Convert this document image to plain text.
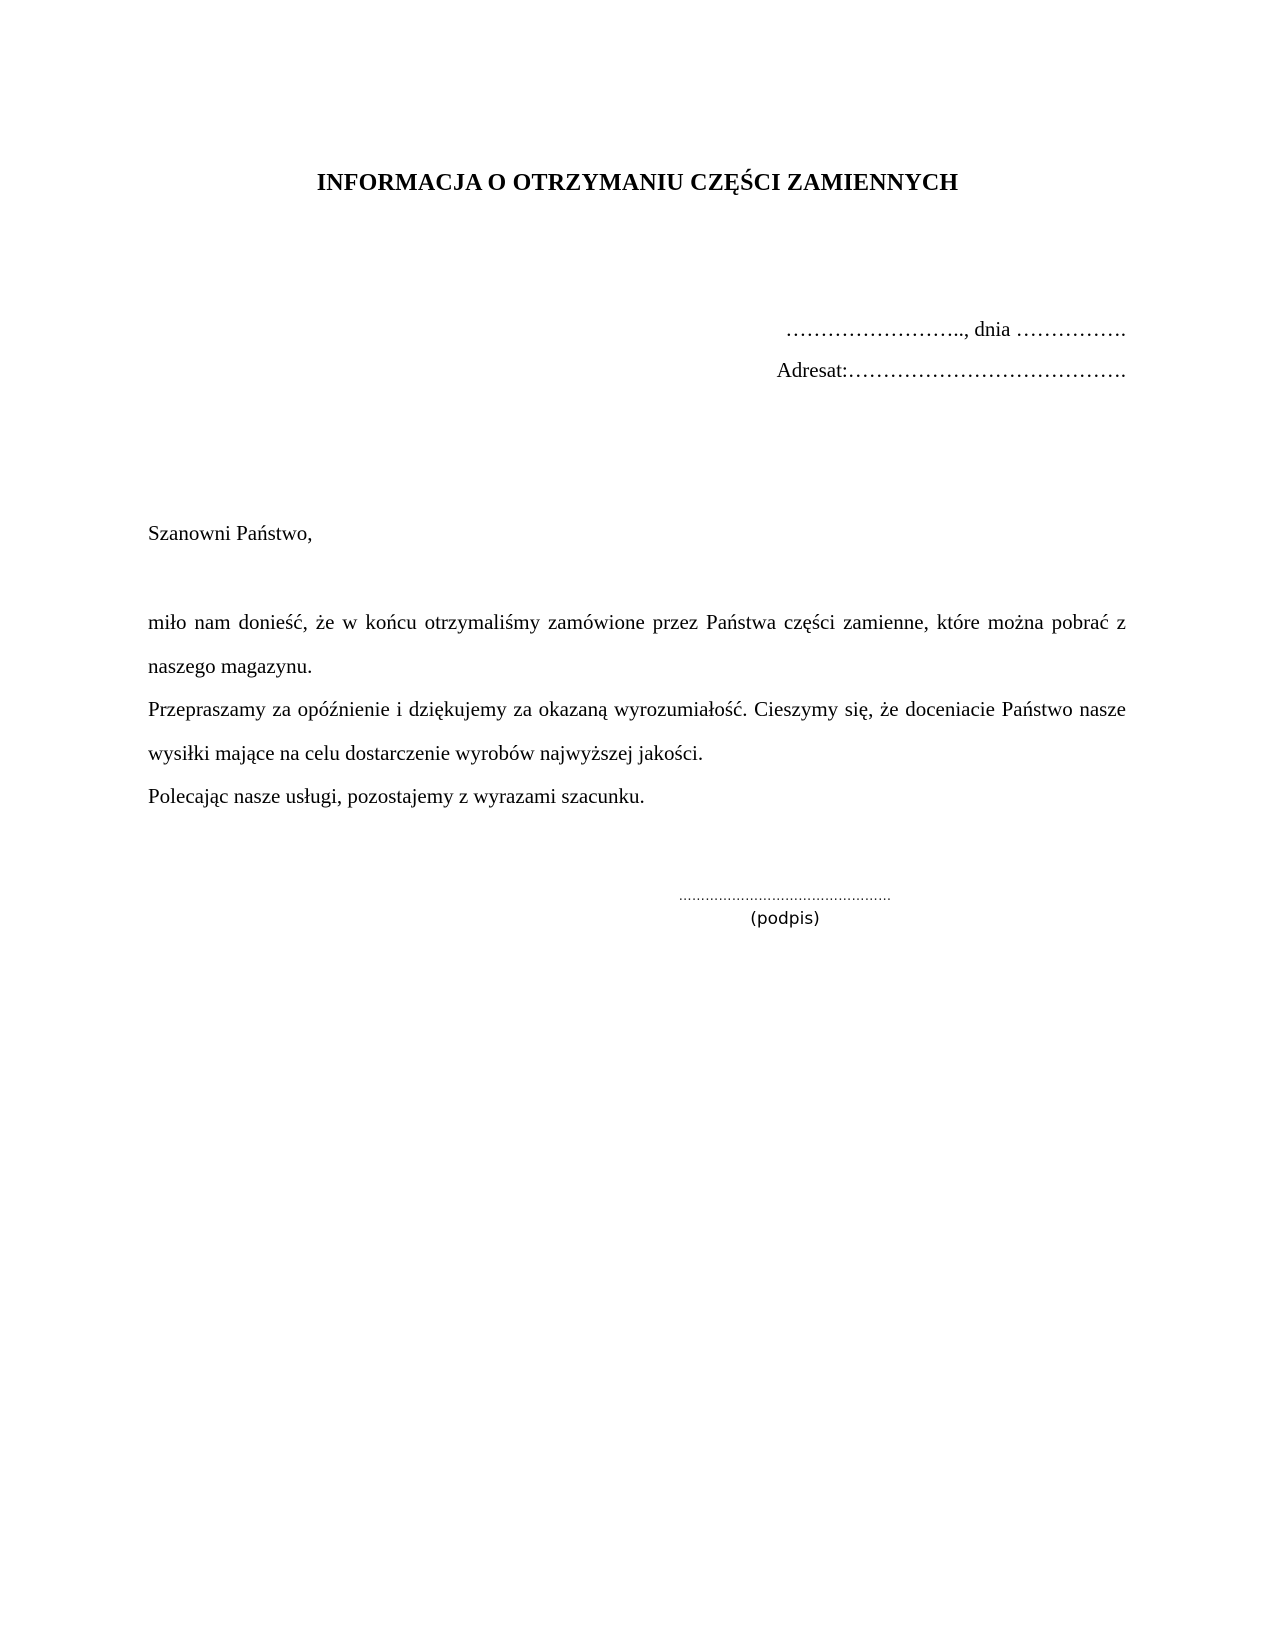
INFORMACJA O OTRZYMANIU CZĘŚCI ZAMIENNYCH
…………………….., dnia …………….
Adresat:………………………………….
Szanowni Państwo,

miło nam donieść, że w końcu otrzymaliśmy zamówione przez Państwa części zamienne, które można pobrać z naszego magazynu.

Przepraszamy za opóźnienie i dziękujemy za okazaną wyrozumiałość. Cieszymy się, że doceniacie Państwo nasze wysiłki mające na celu dostarczenie wyrobów najwyższej jakości.

Polecając nasze usługi, pozostajemy z wyrazami szacunku.

…………………………………………
(podpis)
